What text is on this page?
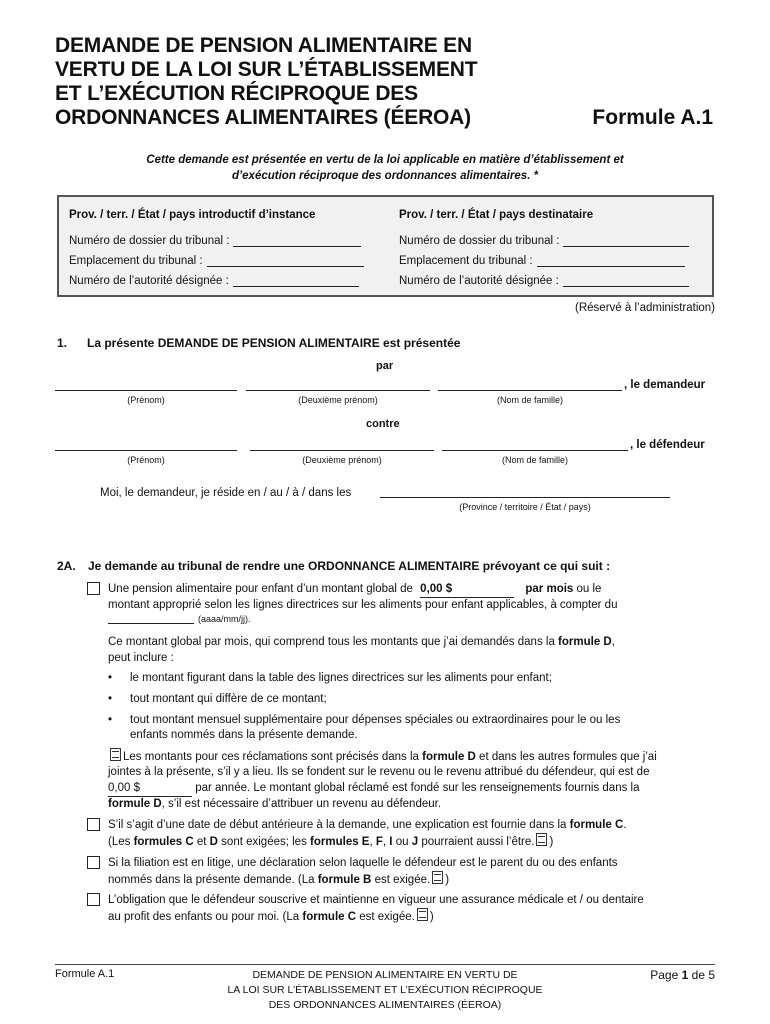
DEMANDE DE PENSION ALIMENTAIRE EN
VERTU DE LA LOI SUR L’ÉTABLISSEMENT
ET L’EXÉCUTION RÉCIPROQUE DES
ORDONNANCES ALIMENTAIRES (ÉEROA)	Formule A.1
Cette demande est présentée en vertu de la loi applicable en matière d’établissement et
d’exécution réciproque des ordonnances alimentaires. *
Prov. / terr. / État / pays introductif d’instance
Numéro de dossier du tribunal :
Emplacement du tribunal :
Numéro de l’autorité désignée :
Prov. / terr. / État / pays destinataire
Numéro de dossier du tribunal :
Emplacement du tribunal :
Numéro de l’autorité désignée :
(Réservé à l’administration)
1. La présente DEMANDE DE PENSION ALIMENTAIRE est présentée
par
, le demandeur
(Prénom)	(Deuxième prénom)	(Nom de famille)
contre
, le défendeur
(Prénom)	(Deuxième prénom)	(Nom de famille)
Moi, le demandeur, je réside en / au / à / dans les
(Province / territoire / État / pays)
2A. Je demande au tribunal de rendre une ORDONNANCE ALIMENTAIRE prévoyant ce qui suit :
Une pension alimentaire pour enfant d’un montant global de 0,00 $	par mois ou le
montant approprié selon les lignes directrices sur les aliments pour enfant applicables, à compter du
(aaaa/mm/jj).
Ce montant global par mois, qui comprend tous les montants que j’ai demandés dans la formule D,
peut inclure :
• le montant figurant dans la table des lignes directrices sur les aliments pour enfant;
• tout montant qui diffère de ce montant;
• tout montant mensuel supplémentaire pour dépenses spéciales ou extraordinaires pour le ou les
enfants nommés dans la présente demande.
Les montants pour ces réclamations sont précisés dans la formule D et dans les autres formules que j’ai
jointes à la présente, s’il y a lieu. Ils se fondent sur le revenu ou le revenu attribué du défendeur, qui est de
0,00 $	par année. Le montant global réclamé est fondé sur les renseignements fournis dans la
formule D, s’il est nécessaire d’attribuer un revenu au défendeur.
S’il s’agit d’une date de début antérieure à la demande, une explication est fournie dans la formule C.
(Les formules C et D sont exigées; les formules E, F, I ou J pourraient aussi l’être. )
Si la filiation est en litige, une déclaration selon laquelle le défendeur est le parent du ou des enfants
nommés dans la présente demande. (La formule B est exigée. )
L’obligation que le défendeur souscrive et maintienne en vigueur une assurance médicale et / ou dentaire
au profit des enfants ou pour moi. (La formule C est exigée. )
Formule A.1	DEMANDE DE PENSION ALIMENTAIRE EN VERTU DE
LA LOI SUR L’ÉTABLISSEMENT ET L’EXÉCUTION RÉCIPROQUE
DES ORDONNANCES ALIMENTAIRES (ÉEROA)
Page 1 de 5
